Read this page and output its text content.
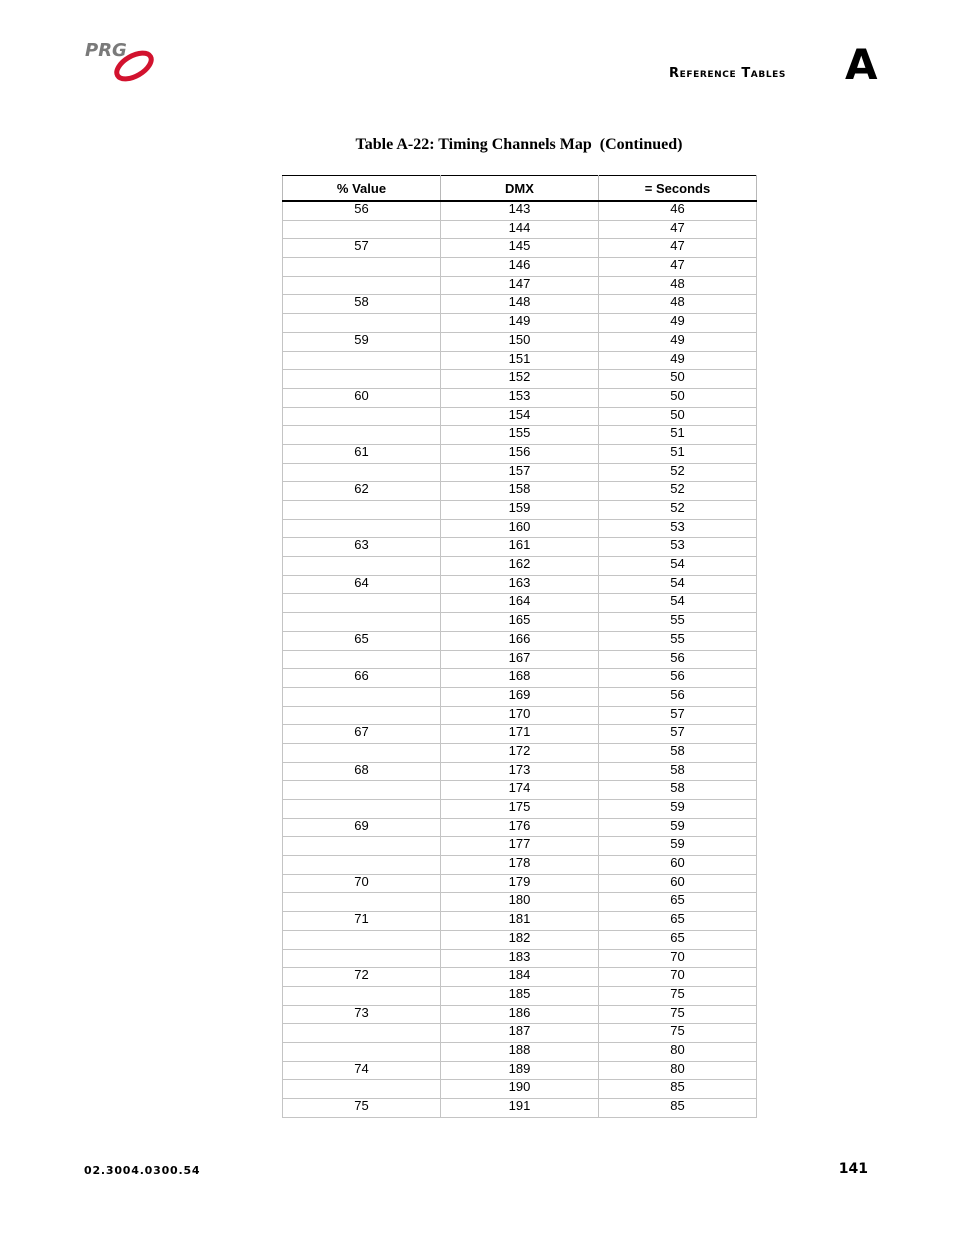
PRG
Reference Tables A
Table A-22: Timing Channels Map  (Continued)
% Value	DMX	= Seconds
56	143	46
	144	47
57	145	47
	146	47
	147	48
58	148	48
	149	49
59	150	49
	151	49
	152	50
60	153	50
	154	50
	155	51
61	156	51
	157	52
62	158	52
	159	52
	160	53
63	161	53
	162	54
64	163	54
	164	54
	165	55
65	166	55
	167	56
66	168	56
	169	56
	170	57
67	171	57
	172	58
68	173	58
	174	58
	175	59
69	176	59
	177	59
	178	60
70	179	60
	180	65
71	181	65
	182	65
	183	70
72	184	70
	185	75
73	186	75
	187	75
	188	80
74	189	80
	190	85
75	191	85
02.3004.0300.54	141
